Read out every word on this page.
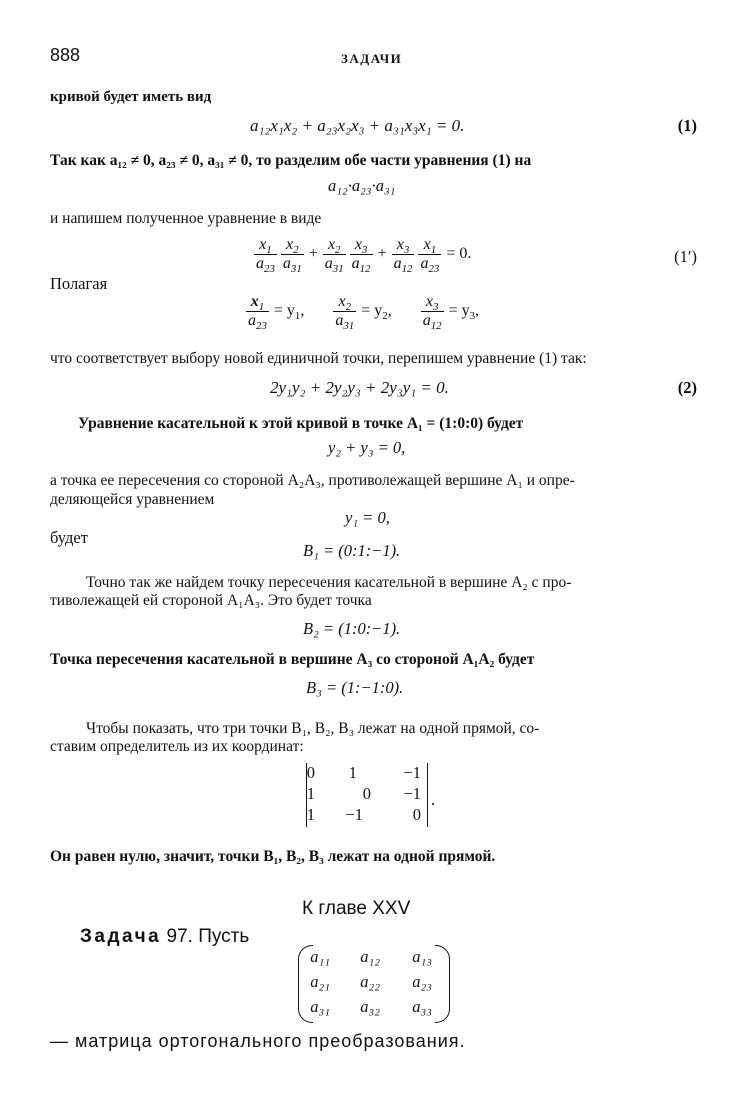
888	ЗАДАЧИ
кривой будет иметь вид
a₁₂x₁x₂ + a₂₃x₂x₃ + a₃₁x₃x₁ = 0.	(1)
Так как a₁₂ ≠ 0, a₂₃ ≠ 0, a₃₁ ≠ 0, то разделим обе части уравнения (1) на
a₁₂·a₂₃·a₃₁
и напишем полученное уравнение в виде
$\frac{x_1}{a_{23}} \frac{x_2}{a_{31}} + \frac{x_2}{a_{31}} \frac{x_3}{a_{12}} + \frac{x_3}{a_{12}} \frac{x_1}{a_{23}} = 0$.	(1′)
Полагая
$\frac{x_1}{a_{23}} = y_1$, $\frac{x_2}{a_{31}} = y_2$, $\frac{x_3}{a_{12}} = y_3$,
что соответствует выбору новой единичной точки, перепишем уравнение (1) так:
2y₁y₂ + 2y₂y₃ + 2y₃y₁ = 0.	(2)
Уравнение касательной к этой кривой в точке A₁ = (1:0:0) будет
y₂ + y₃ = 0,
а точка ее пересечения со стороной A₂A₃, противолежащей вершине A₁ и опре-
деляющейся уравнением
y₁ = 0,
будет
B₁ = (0:1:−1).
Точно так же найдем точку пересечения касательной в вершине A₂ с про-
тиволежащей ей стороной A₁A₃. Это будет точка
B₂ = (1:0:−1).
Точка пересечения касательной в вершине A₃ со стороной A₁A₂ будет
B₃ = (1:−1:0).
Чтобы показать, что три точки B₁, B₂, B₃ лежат на одной прямой, со-
ставим определитель из их координат:
0	1	−1
1	0	−1
1	−1	0
.
Он равен нулю, значит, точки B₁, B₂, B₃ лежат на одной прямой.
К главе XXV
Задача 97. Пусть
a₁₁	a₁₂	a₁₃
a₂₁	a₂₂	a₂₃
a₃₁	a₃₂	a₃₃
— матрица ортогонального преобразования.
